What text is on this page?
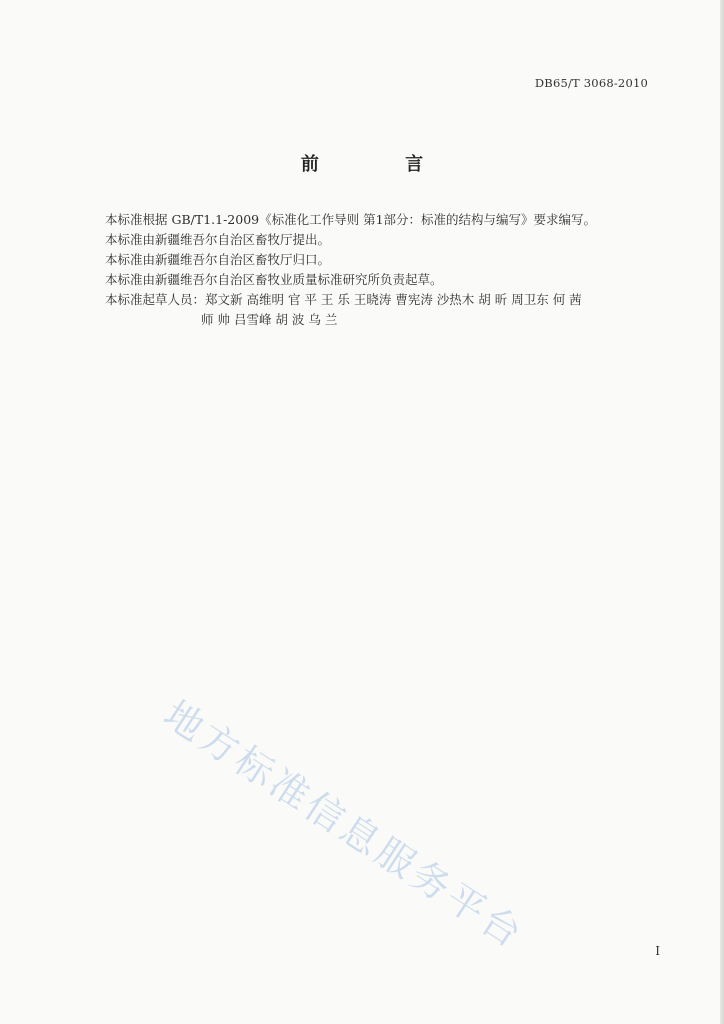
DB65/T 3068-2010
前 言
本标准根据 GB/T1.1-2009《标准化工作导则 第1部分：标准的结构与编写》要求编写。
本标准由新疆维吾尔自治区畜牧厅提出。
本标准由新疆维吾尔自治区畜牧厅归口。
本标准由新疆维吾尔自治区畜牧业质量标准研究所负责起草。
本标准起草人员：郑文新 高维明 官 平 王 乐 王晓涛 曹宪涛 沙热木 胡 昕 周卫东 何 茜
师 帅 吕雪峰 胡 波 乌 兰
地方标准信息服务平台	I
